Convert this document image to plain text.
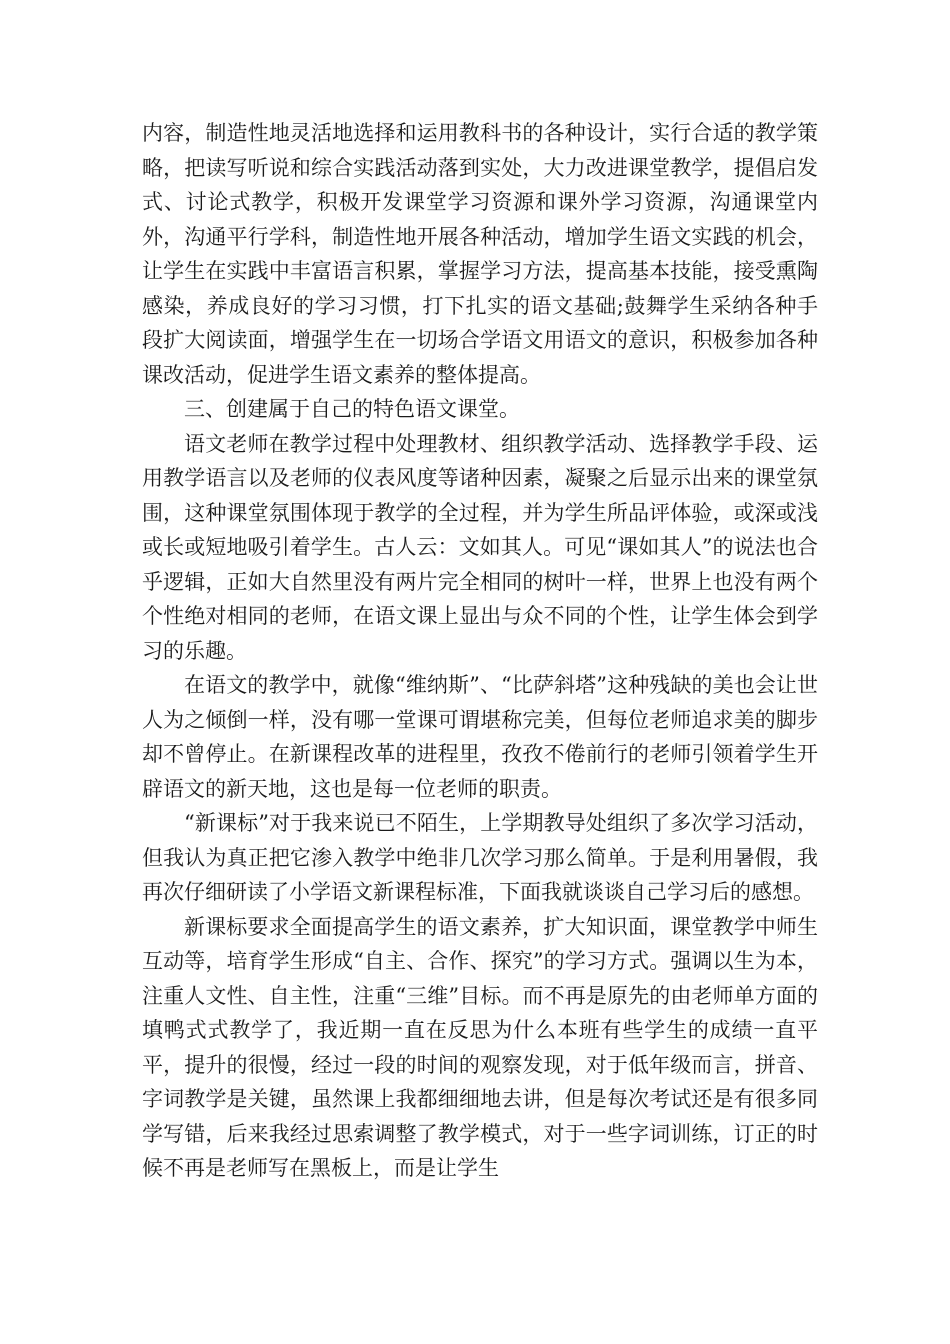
内容，制造性地灵活地选择和运用教科书的各种设计，实行合适的教学策略，把读写听说和综合实践活动落到实处，大力改进课堂教学，提倡启发式、讨论式教学，积极开发课堂学习资源和课外学习资源，沟通课堂内外，沟通平行学科，制造性地开展各种活动，增加学生语文实践的机会，让学生在实践中丰富语言积累，掌握学习方法，提高基本技能，接受熏陶感染，养成良好的学习习惯，打下扎实的语文基础;鼓舞学生采纳各种手段扩大阅读面，增强学生在一切场合学语文用语文的意识，积极参加各种课改活动，促进学生语文素养的整体提高。

三、创建属于自己的特色语文课堂。

语文老师在教学过程中处理教材、组织教学活动、选择教学手段、运用教学语言以及老师的仪表风度等诸种因素，凝聚之后显示出来的课堂氛围，这种课堂氛围体现于教学的全过程，并为学生所品评体验，或深或浅或长或短地吸引着学生。古人云：文如其人。可见“课如其人”的说法也合乎逻辑，正如大自然里没有两片完全相同的树叶一样，世界上也没有两个个性绝对相同的老师，在语文课上显出与众不同的个性，让学生体会到学习的乐趣。

在语文的教学中，就像“维纳斯”、“比萨斜塔”这种残缺的美也会让世人为之倾倒一样，没有哪一堂课可谓堪称完美，但每位老师追求美的脚步却不曾停止。在新课程改革的进程里，孜孜不倦前行的老师引领着学生开辟语文的新天地，这也是每一位老师的职责。

“新课标”对于我来说已不陌生，上学期教导处组织了多次学习活动，但我认为真正把它渗入教学中绝非几次学习那么简单。于是利用暑假，我再次仔细研读了小学语文新课程标准，下面我就谈谈自己学习后的感想。

新课标要求全面提高学生的语文素养，扩大知识面，课堂教学中师生互动等，培育学生形成“自主、合作、探究”的学习方式。强调以生为本，注重人文性、自主性，注重“三维”目标。而不再是原先的由老师单方面的填鸭式式教学了，我近期一直在反思为什么本班有些学生的成绩一直平平，提升的很慢，经过一段的时间的观察发现，对于低年级而言，拼音、字词教学是关键，虽然课上我都细细地去讲，但是每次考试还是有很多同学写错，后来我经过思索调整了教学模式，对于一些字词训练，订正的时候不再是老师写在黑板上，而是让学生
